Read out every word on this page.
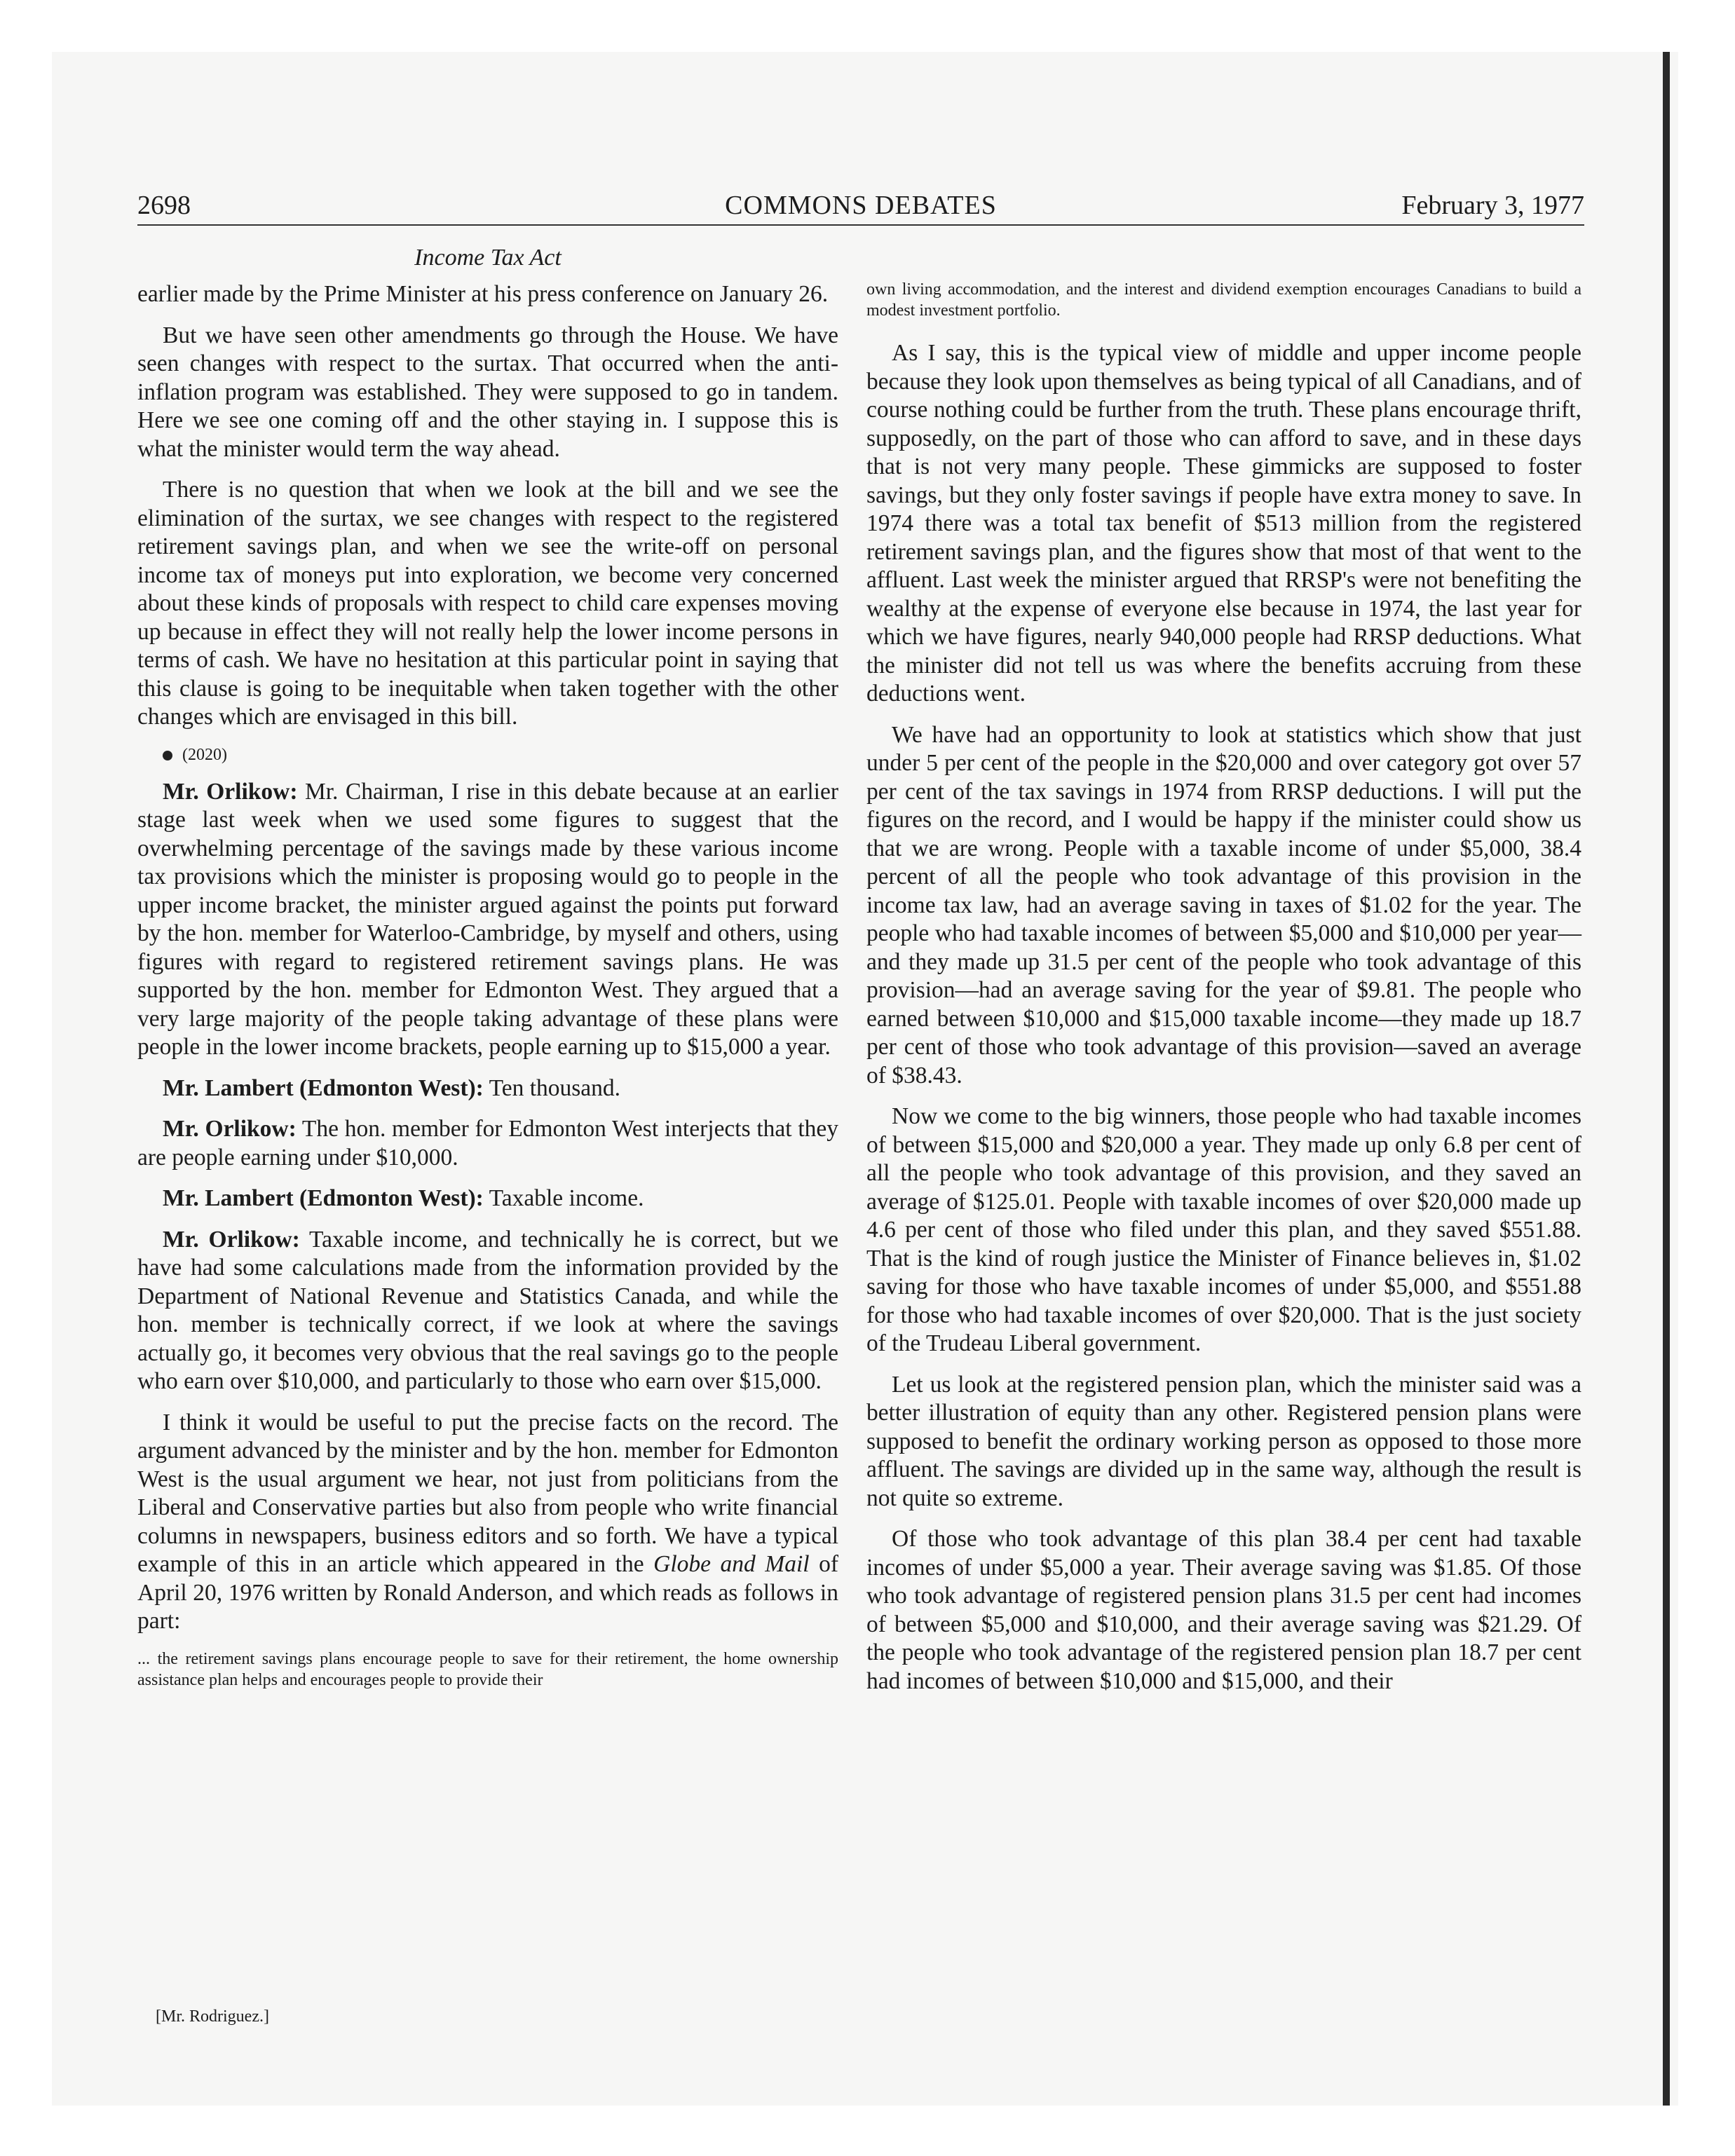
2698	COMMONS DEBATES	February 3, 1977
Income Tax Act

earlier made by the Prime Minister at his press conference on January 26.

But we have seen other amendments go through the House. We have seen changes with respect to the surtax. That occurred when the anti-inflation program was established. They were supposed to go in tandem. Here we see one coming off and the other staying in. I suppose this is what the minister would term the way ahead.

There is no question that when we look at the bill and we see the elimination of the surtax, we see changes with respect to the registered retirement savings plan, and when we see the write-off on personal income tax of moneys put into exploration, we become very concerned about these kinds of proposals with respect to child care expenses moving up because in effect they will not really help the lower income persons in terms of cash. We have no hesitation at this particular point in saying that this clause is going to be inequitable when taken together with the other changes which are envisaged in this bill.

(2020)

Mr. Orlikow: Mr. Chairman, I rise in this debate because at an earlier stage last week when we used some figures to suggest that the overwhelming percentage of the savings made by these various income tax provisions which the minister is proposing would go to people in the upper income bracket, the minister argued against the points put forward by the hon. member for Waterloo-Cambridge, by myself and others, using figures with regard to registered retirement savings plans. He was supported by the hon. member for Edmonton West. They argued that a very large majority of the people taking advantage of these plans were people in the lower income brackets, people earning up to $15,000 a year.

Mr. Lambert (Edmonton West): Ten thousand.

Mr. Orlikow: The hon. member for Edmonton West interjects that they are people earning under $10,000.

Mr. Lambert (Edmonton West): Taxable income.

Mr. Orlikow: Taxable income, and technically he is correct, but we have had some calculations made from the information provided by the Department of National Revenue and Statistics Canada, and while the hon. member is technically correct, if we look at where the savings actually go, it becomes very obvious that the real savings go to the people who earn over $10,000, and particularly to those who earn over $15,000.

I think it would be useful to put the precise facts on the record. The argument advanced by the minister and by the hon. member for Edmonton West is the usual argument we hear, not just from politicians from the Liberal and Conservative parties but also from people who write financial columns in newspapers, business editors and so forth. We have a typical example of this in an article which appeared in the Globe and Mail of April 20, 1976 written by Ronald Anderson, and which reads as follows in part:

... the retirement savings plans encourage people to save for their retirement, the home ownership assistance plan helps and encourages people to provide their

[Mr. Rodriguez.]

own living accommodation, and the interest and dividend exemption encourages Canadians to build a modest investment portfolio.

As I say, this is the typical view of middle and upper income people because they look upon themselves as being typical of all Canadians, and of course nothing could be further from the truth. These plans encourage thrift, supposedly, on the part of those who can afford to save, and in these days that is not very many people. These gimmicks are supposed to foster savings, but they only foster savings if people have extra money to save. In 1974 there was a total tax benefit of $513 million from the registered retirement savings plan, and the figures show that most of that went to the affluent. Last week the minister argued that RRSP's were not benefiting the wealthy at the expense of everyone else because in 1974, the last year for which we have figures, nearly 940,000 people had RRSP deductions. What the minister did not tell us was where the benefits accruing from these deductions went.

We have had an opportunity to look at statistics which show that just under 5 per cent of the people in the $20,000 and over category got over 57 per cent of the tax savings in 1974 from RRSP deductions. I will put the figures on the record, and I would be happy if the minister could show us that we are wrong. People with a taxable income of under $5,000, 38.4 percent of all the people who took advantage of this provision in the income tax law, had an average saving in taxes of $1.02 for the year. The people who had taxable incomes of between $5,000 and $10,000 per year—and they made up 31.5 per cent of the people who took advantage of this provision—had an average saving for the year of $9.81. The people who earned between $10,000 and $15,000 taxable income—they made up 18.7 per cent of those who took advantage of this provision—saved an average of $38.43.

Now we come to the big winners, those people who had taxable incomes of between $15,000 and $20,000 a year. They made up only 6.8 per cent of all the people who took advantage of this provision, and they saved an average of $125.01. People with taxable incomes of over $20,000 made up 4.6 per cent of those who filed under this plan, and they saved $551.88. That is the kind of rough justice the Minister of Finance believes in, $1.02 saving for those who have taxable incomes of under $5,000, and $551.88 for those who had taxable incomes of over $20,000. That is the just society of the Trudeau Liberal government.

Let us look at the registered pension plan, which the minister said was a better illustration of equity than any other. Registered pension plans were supposed to benefit the ordinary working person as opposed to those more affluent. The savings are divided up in the same way, although the result is not quite so extreme.

Of those who took advantage of this plan 38.4 per cent had taxable incomes of under $5,000 a year. Their average saving was $1.85. Of those who took advantage of registered pension plans 31.5 per cent had incomes of between $5,000 and $10,000, and their average saving was $21.29. Of the people who took advantage of the registered pension plan 18.7 per cent had incomes of between $10,000 and $15,000, and their
